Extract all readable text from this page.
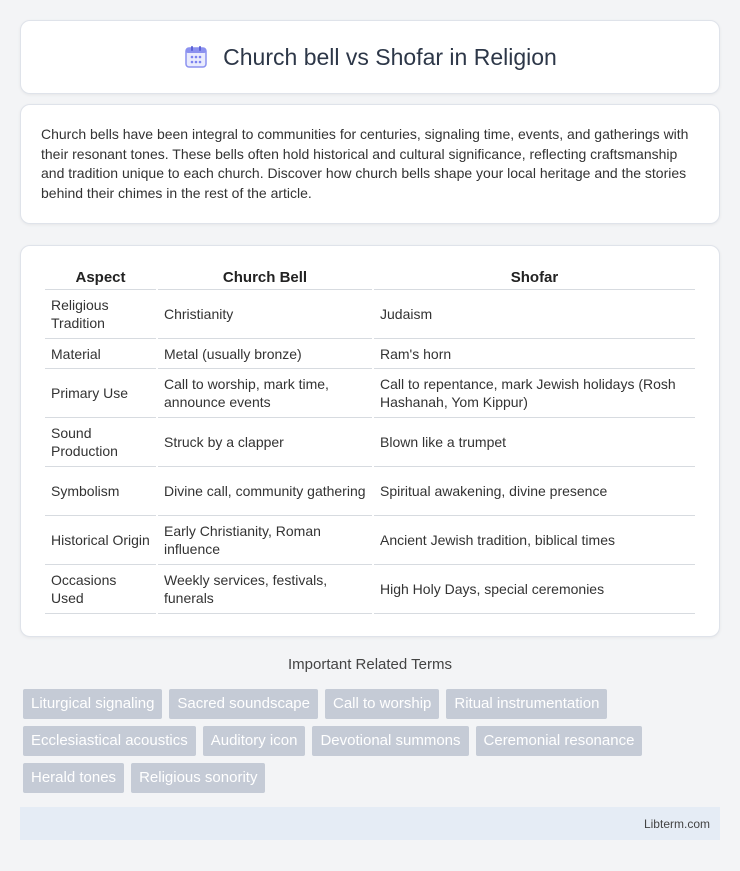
Church bell vs Shofar in Religion

Church bells have been integral to communities for centuries, signaling time, events, and gatherings with their resonant tones. These bells often hold historical and cultural significance, reflecting craftsmanship and tradition unique to each church. Discover how church bells shape your local heritage and the stories behind their chimes in the rest of the article.

Aspect	Church Bell	Shofar
Religious Tradition	Christianity	Judaism
Material	Metal (usually bronze)	Ram's horn
Primary Use	Call to worship, mark time, announce events	Call to repentance, mark Jewish holidays (Rosh Hashanah, Yom Kippur)
Sound Production	Struck by a clapper	Blown like a trumpet
Symbolism	Divine call, community gathering	Spiritual awakening, divine presence
Historical Origin	Early Christianity, Roman influence	Ancient Jewish tradition, biblical times
Occasions Used	Weekly services, festivals, funerals	High Holy Days, special ceremonies
Important Related Terms
Liturgical signaling	Sacred soundscape	Call to worship	Ritual instrumentation
Ecclesiastical acoustics	Auditory icon	Devotional summons	Ceremonial resonance
Herald tones	Religious sonority
Libterm.com
